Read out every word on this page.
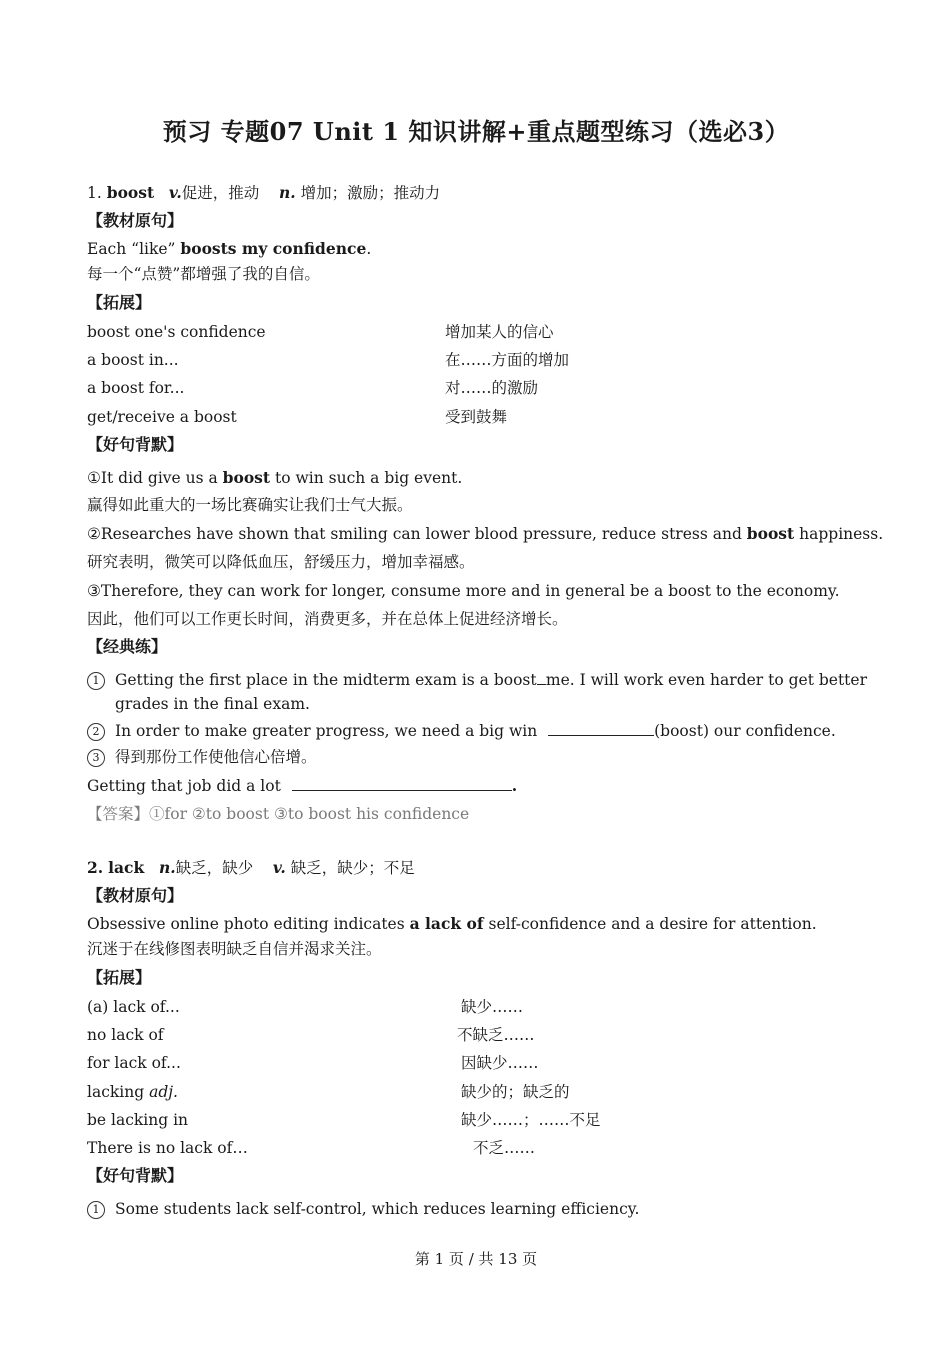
预习 专题07 Unit 1 知识讲解+重点题型练习（选必3）
1. boost v.促进，推动 n. 增加；激励；推动力
【教材原句】
Each “like” boosts my confidence.
每一个“点赞”都增强了我的自信。
【拓展】
boost one's confidence	增加某人的信心
a boost in...	在……方面的增加
a boost for...	对……的激励
get/receive a boost	受到鼓舞
【好句背默】
①It did give us a boost to win such a big event.
赢得如此重大的一场比赛确实让我们士气大振。
②Researches have shown that smiling can lower blood pressure, reduce stress and boost happiness.
研究表明，微笑可以降低血压，舒缓压力，增加幸福感。
③Therefore, they can work for longer, consume more and in general be a boost to the economy.
因此，他们可以工作更长时间，消费更多，并在总体上促进经济增长。
【经典练】
1 Getting the first place in the midterm exam is a boost me. I will work even harder to get better
grades in the final exam.
2 In order to make greater progress, we need a big win	(boost) our confidence.
3 得到那份工作使他信心倍增。
Getting that job did a lot	.
【答案】①for ②to boost ③to boost his confidence
2. lack n.缺乏，缺少 v. 缺乏，缺少；不足
【教材原句】
Obsessive online photo editing indicates a lack of self-confidence and a desire for attention.
沉迷于在线修图表明缺乏自信并渴求关注。
【拓展】
(a) lack of...	缺少……
no lack of	不缺乏……
for lack of...	因缺少……
lacking adj.	缺少的；缺乏的
be lacking in	缺少……；……不足
There is no lack of…	不乏……
【好句背默】
1 Some students lack self-control, which reduces learning efficiency.
第 1 页 / 共 13 页
